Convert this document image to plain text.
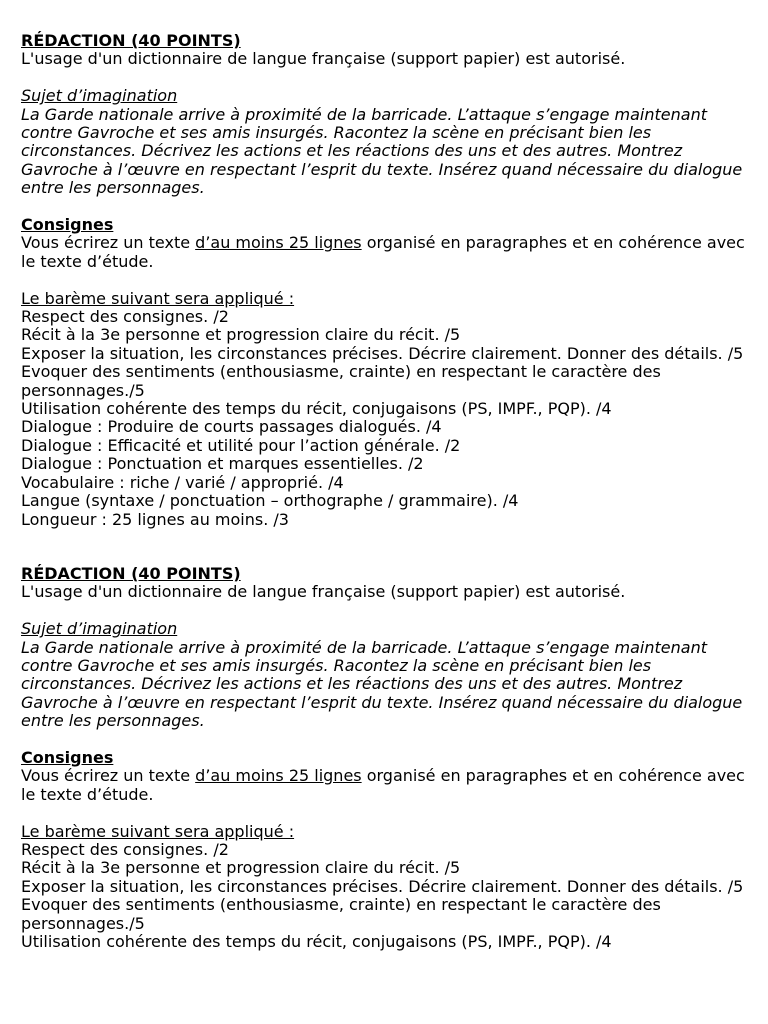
RÉDACTION (40 POINTS)

L'usage d'un dictionnaire de langue française (support papier) est autorisé.

Sujet d’imagination

La Garde nationale arrive à proximité de la barricade. L’attaque s’engage maintenant contre Gavroche et ses amis insurgés. Racontez la scène en précisant bien les circonstances. Décrivez les actions et les réactions des uns et des autres. Montrez Gavroche à l’œuvre en respectant l’esprit du texte. Insérez quand nécessaire du dialogue entre les personnages.

Consignes

Vous écrirez un texte d’au moins 25 lignes organisé en paragraphes et en cohérence avec le texte d’étude.

Le barème suivant sera appliqué :

Respect des consignes. /2

Récit à la 3e personne et progression claire du récit. /5

Exposer la situation, les circonstances précises. Décrire clairement. Donner des détails. /5

Evoquer des sentiments (enthousiasme, crainte) en respectant le caractère des personnages./5

Utilisation cohérente des temps du récit, conjugaisons (PS, IMPF., PQP). /4

Dialogue : Produire de courts passages dialogués. /4

Dialogue : Efficacité et utilité pour l’action générale. /2

Dialogue : Ponctuation et marques essentielles. /2

Vocabulaire : riche / varié / approprié. /4

Langue (syntaxe / ponctuation – orthographe / grammaire). /4

Longueur : 25 lignes au moins. /3

RÉDACTION (40 POINTS)

L'usage d'un dictionnaire de langue française (support papier) est autorisé.

Sujet d’imagination

La Garde nationale arrive à proximité de la barricade. L’attaque s’engage maintenant contre Gavroche et ses amis insurgés. Racontez la scène en précisant bien les circonstances. Décrivez les actions et les réactions des uns et des autres. Montrez Gavroche à l’œuvre en respectant l’esprit du texte. Insérez quand nécessaire du dialogue entre les personnages.

Consignes

Vous écrirez un texte d’au moins 25 lignes organisé en paragraphes et en cohérence avec le texte d’étude.

Le barème suivant sera appliqué :

Respect des consignes. /2

Récit à la 3e personne et progression claire du récit. /5

Exposer la situation, les circonstances précises. Décrire clairement. Donner des détails. /5

Evoquer des sentiments (enthousiasme, crainte) en respectant le caractère des personnages./5

Utilisation cohérente des temps du récit, conjugaisons (PS, IMPF., PQP). /4
